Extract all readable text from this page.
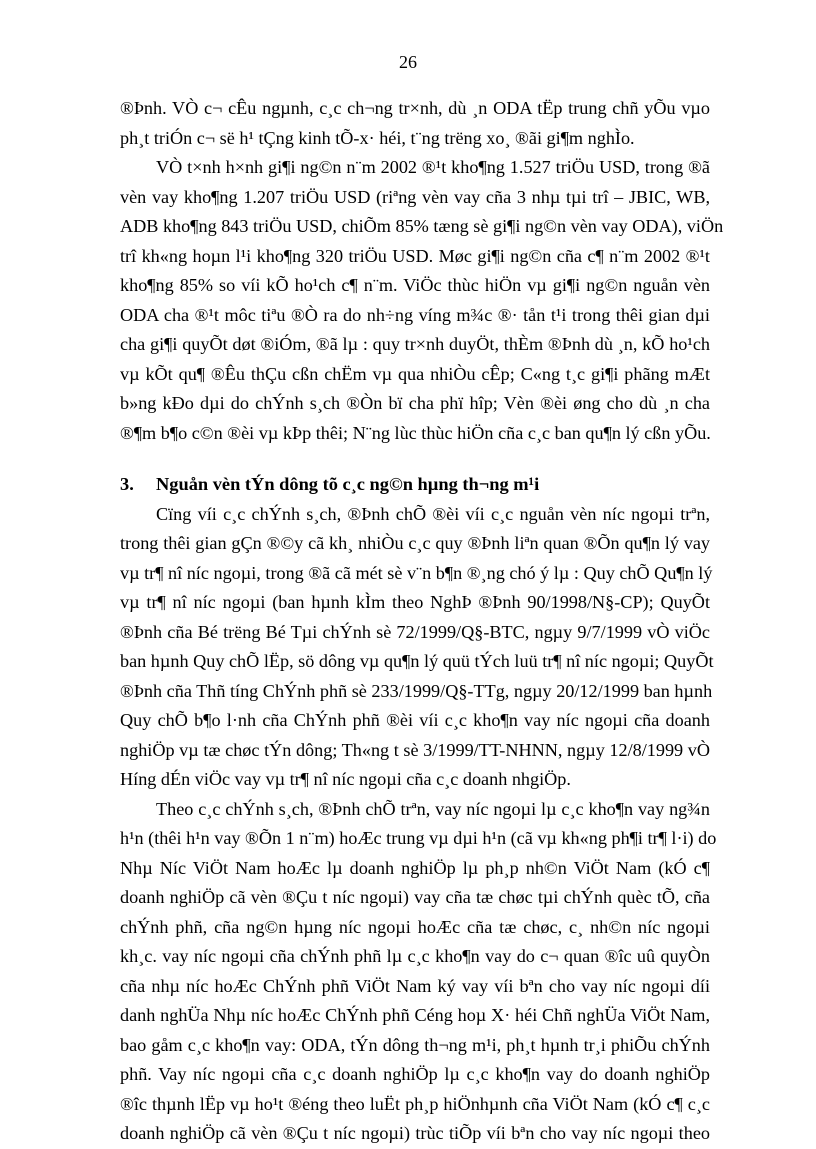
26
®Þnh. VÒ c¬ cÊu ngµnh, c¸c ch¬ng tr×nh, dù ¸n ODA tËp trung chñ yÕu vµo
ph¸t triÓn c¬ së h¹ tÇng kinh tÕ-x· héi, t¨ng trëng xo¸ ®ãi gi¶m nghÌo.
VÒ t×nh h×nh gi¶i ng©n n¨m 2002 ®¹t kho¶ng 1.527 triÖu USD, trong ®ã
vèn vay kho¶ng 1.207 triÖu USD (riªng vèn vay cña 3 nhµ tµi trî – JBIC, WB,
ADB kho¶ng 843 triÖu USD, chiÕm 85% tæng sè gi¶i ng©n vèn vay ODA), viÖn
trî kh«ng hoµn l¹i kho¶ng 320 triÖu USD. Møc gi¶i ng©n cña c¶ n¨m 2002 ®¹t
kho¶ng 85% so víi kÕ ho¹ch c¶ n¨m. ViÖc thùc hiÖn vµ gi¶i ng©n nguån vèn
ODA cha ®¹t môc tiªu ®Ò ra do nh÷ng víng m¾c ®· tån t¹i trong thêi gian dµi
cha gi¶i quyÕt døt ®iÓm, ®ã lµ : quy tr×nh duyÖt, thÈm ®Þnh dù ¸n, kÕ ho¹ch
vµ kÕt qu¶ ®Êu thÇu cßn chËm vµ qua nhiÒu cÊp; C«ng t¸c gi¶i phãng mÆt
b»ng kÐo dµi do chÝnh s¸ch ®Òn bï cha phï hîp; Vèn ®èi øng cho dù ¸n cha
®¶m b¶o c©n ®èi vµ kÞp thêi; N¨ng lùc thùc hiÖn cña c¸c ban qu¶n lý cßn yÕu.
3. Nguån vèn tÝn dông tõ c¸c ng©n hµng th¬ng m¹i
Cïng víi c¸c chÝnh s¸ch, ®Þnh chÕ ®èi víi c¸c nguån vèn níc ngoµi trªn,
trong thêi gian gÇn ®©y cã kh¸ nhiÒu c¸c quy ®Þnh liªn quan ®Õn qu¶n lý vay
vµ tr¶ nî níc ngoµi, trong ®ã cã mét sè v¨n b¶n ®¸ng chó ý lµ : Quy chÕ Qu¶n lý
vµ tr¶ nî níc ngoµi (ban hµnh kÌm theo NghÞ ®Þnh 90/1998/N§-CP); QuyÕt
®Þnh cña Bé trëng Bé Tµi chÝnh sè 72/1999/Q§-BTC, ngµy 9/7/1999 vÒ viÖc
ban hµnh Quy chÕ lËp, sö dông vµ qu¶n lý quü tÝch luü tr¶ nî níc ngoµi; QuyÕt
®Þnh cña Thñ tíng ChÝnh phñ sè 233/1999/Q§-TTg, ngµy 20/12/1999 ban hµnh
Quy chÕ b¶o l·nh cña ChÝnh phñ ®èi víi c¸c kho¶n vay níc ngoµi cña doanh
nghiÖp vµ tæ chøc tÝn dông; Th«ng t sè 3/1999/TT-NHNN, ngµy 12/8/1999 vÒ
Híng dÉn viÖc vay vµ tr¶ nî níc ngoµi cña c¸c doanh nhgiÖp.
Theo c¸c chÝnh s¸ch, ®Þnh chÕ trªn, vay níc ngoµi lµ c¸c kho¶n vay ng¾n
h¹n (thêi h¹n vay ®Õn 1 n¨m) hoÆc trung vµ dµi h¹n (cã vµ kh«ng ph¶i tr¶ l·i) do
Nhµ Níc ViÖt Nam hoÆc lµ doanh nghiÖp lµ ph¸p nh©n ViÖt Nam (kÓ c¶
doanh nghiÖp cã vèn ®Çu t níc ngoµi) vay cña tæ chøc tµi chÝnh quèc tÕ, cña
chÝnh phñ, cña ng©n hµng níc ngoµi hoÆc cña tæ chøc, c¸ nh©n níc ngoµi
kh¸c. vay níc ngoµi cña chÝnh phñ lµ c¸c kho¶n vay do c¬ quan ®îc uû quyÒn
cña nhµ níc hoÆc ChÝnh phñ ViÖt Nam ký vay víi bªn cho vay níc ngoµi díi
danh nghÜa Nhµ níc hoÆc ChÝnh phñ Céng hoµ X· héi Chñ nghÜa ViÖt Nam,
bao gåm c¸c kho¶n vay: ODA, tÝn dông th¬ng m¹i, ph¸t hµnh tr¸i phiÕu chÝnh
phñ. Vay níc ngoµi cña c¸c doanh nghiÖp lµ c¸c kho¶n vay do doanh nghiÖp
®îc thµnh lËp vµ ho¹t ®éng theo luËt ph¸p hiÖnhµnh cña ViÖt Nam (kÓ c¶ c¸c
doanh nghiÖp cã vèn ®Çu t níc ngoµi) trùc tiÕp víi bªn cho vay níc ngoµi theo
